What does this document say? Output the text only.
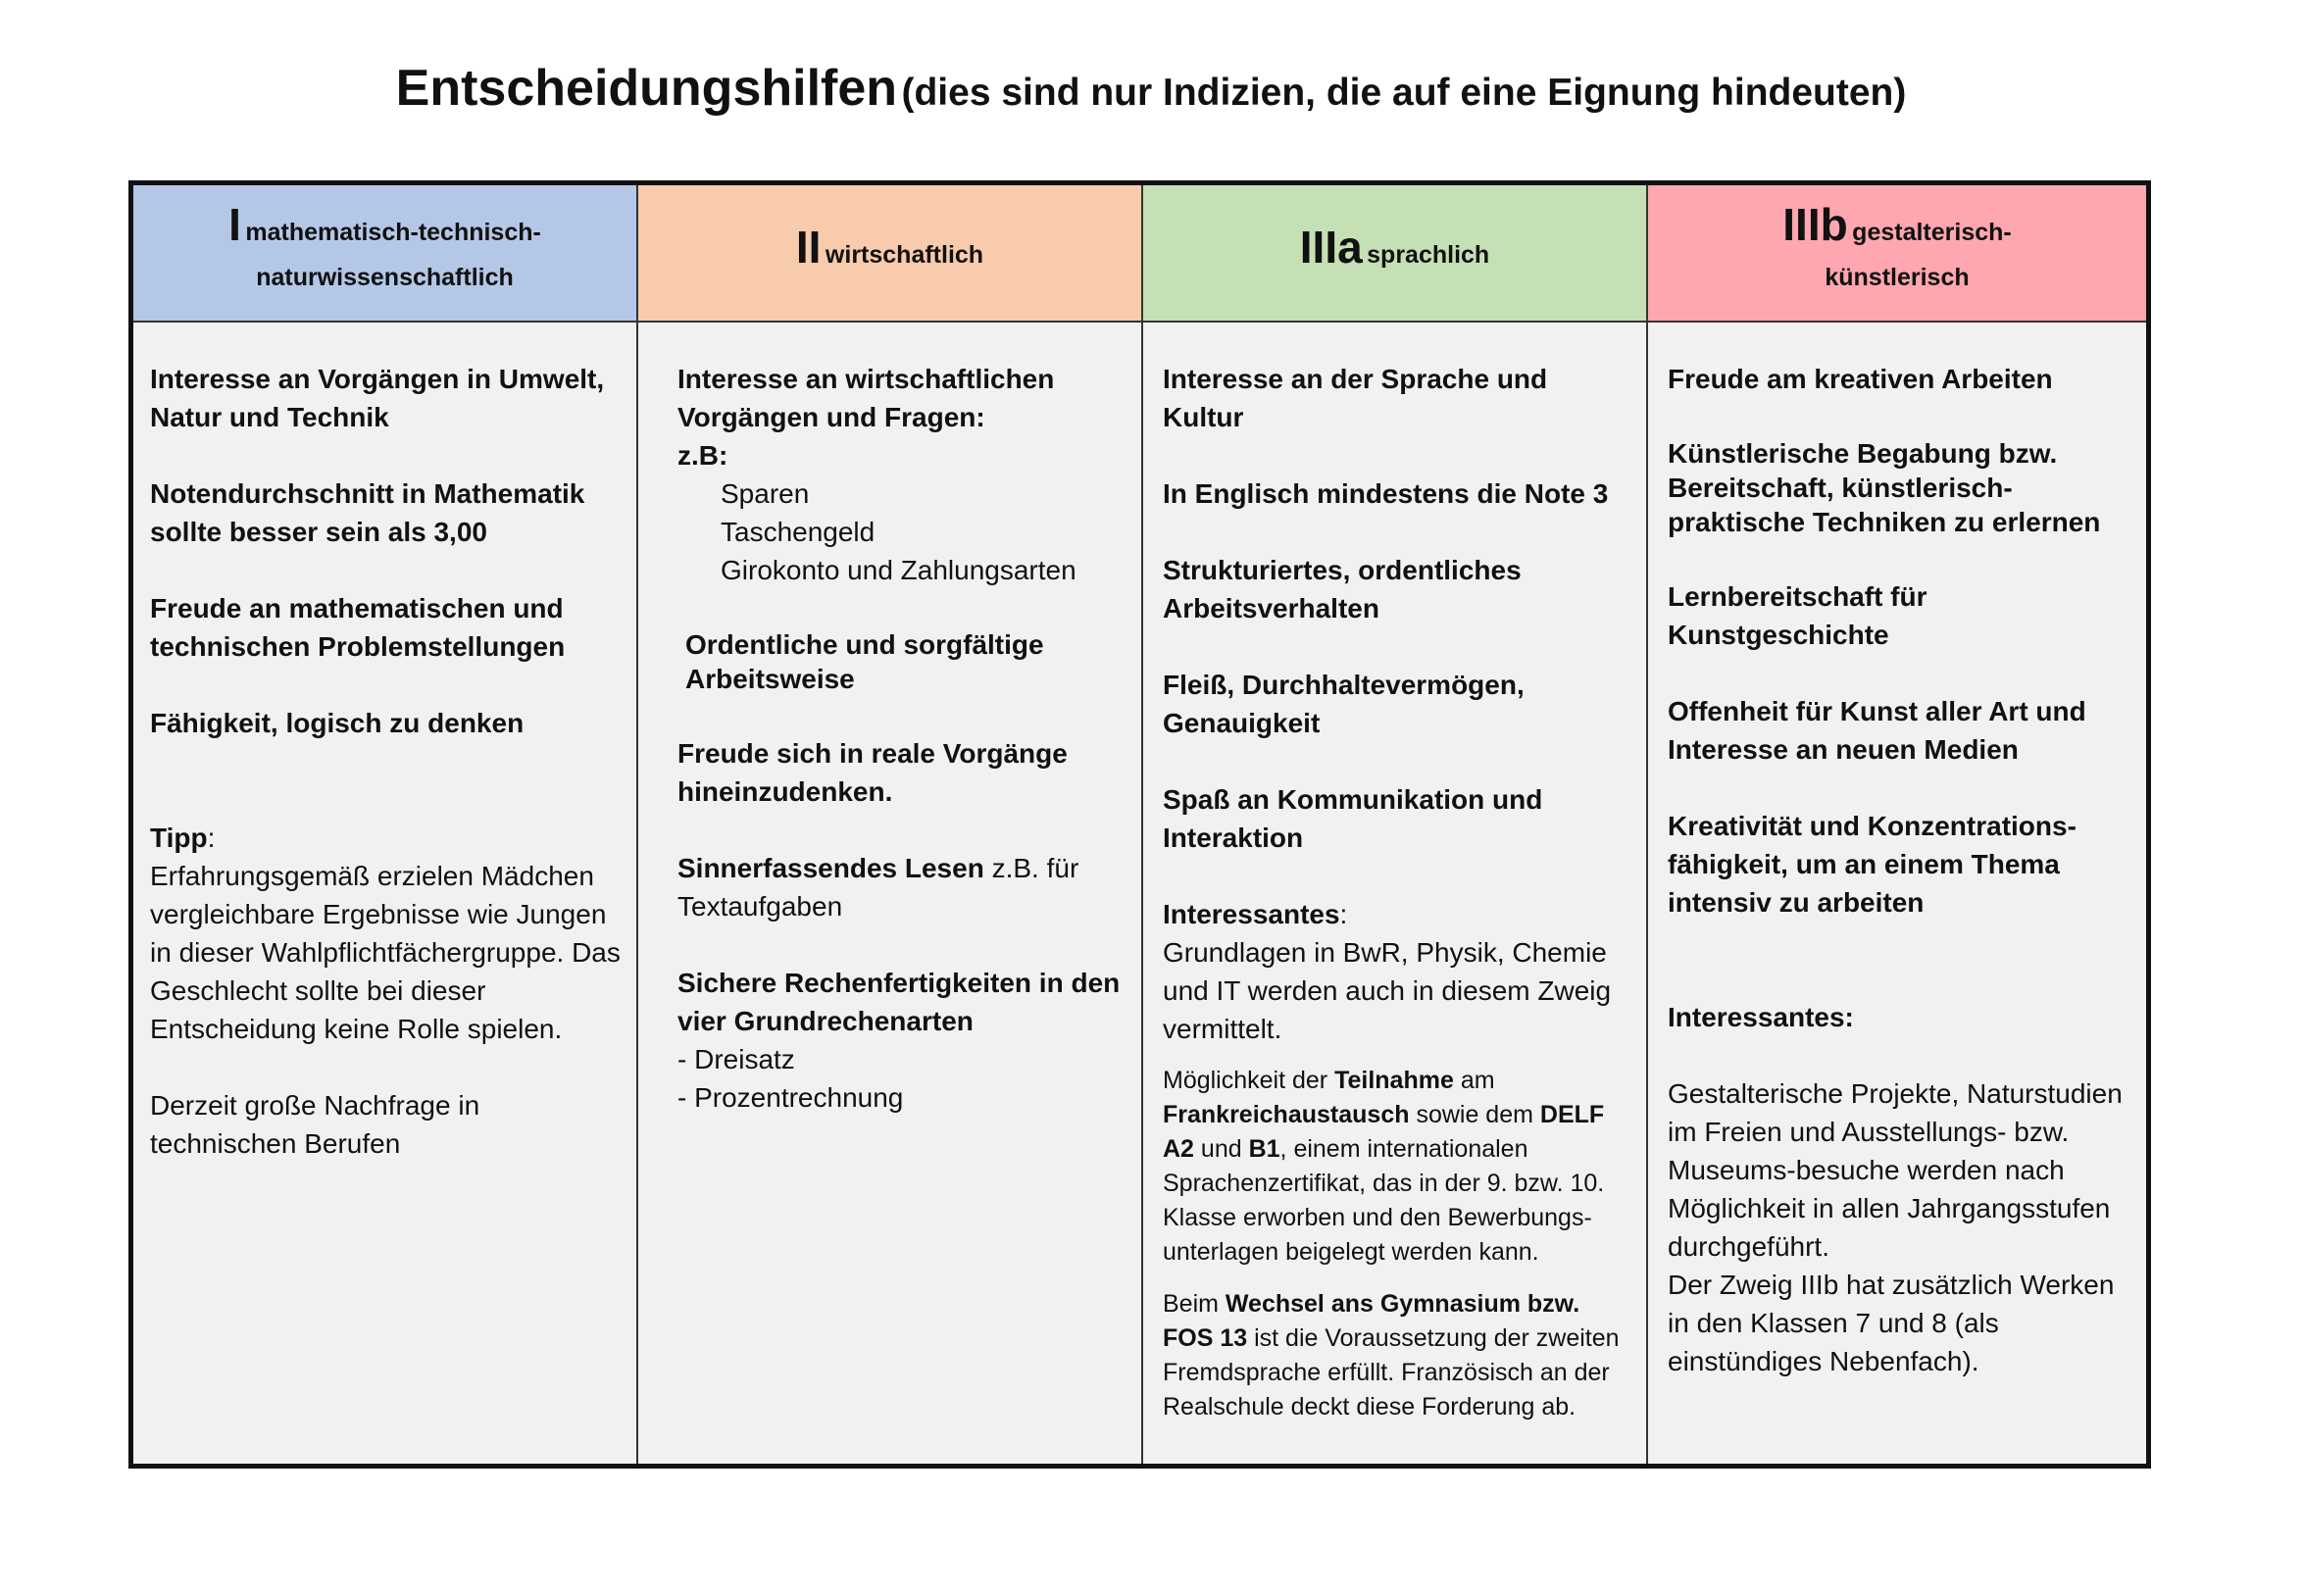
Entscheidungshilfen (dies sind nur Indizien, die auf eine Eignung hindeuten)
I mathematisch-technisch-
naturwissenschaftlich
Interesse an Vorgängen in Umwelt, Natur und Technik
Notendurchschnitt in Mathematik sollte besser sein als 3,00
Freude an mathematischen und technischen Problemstellungen
Fähigkeit, logisch zu denken
Tipp:
Erfahrungsgemäß erzielen Mädchen vergleichbare Ergebnisse wie Jungen in dieser Wahlpflichtfächergruppe. Das Geschlecht sollte bei dieser Entscheidung keine Rolle spielen.
Derzeit große Nachfrage in technischen Berufen
II wirtschaftlich
Interesse an wirtschaftlichen Vorgängen und Fragen:
z.B:
Sparen
Taschengeld
Girokonto und Zahlungsarten
Ordentliche und sorgfältige Arbeitsweise
Freude sich in reale Vorgänge hineinzudenken.
Sinnerfassendes Lesen z.B. für Textaufgaben
Sichere Rechenfertigkeiten in den vier Grundrechenarten
- Dreisatz
- Prozentrechnung
IIIa sprachlich
Interesse an der Sprache und Kultur
In Englisch mindestens die Note 3
Strukturiertes, ordentliches Arbeitsverhalten
Fleiß, Durchhaltevermögen, Genauigkeit
Spaß an Kommunikation und Interaktion
Interessantes:
Grundlagen in BwR, Physik, Chemie und IT werden auch in diesem Zweig vermittelt.
Möglichkeit der Teilnahme am Frankreichaustausch sowie dem DELF A2 und B1, einem internationalen Sprachenzertifikat, das in der 9. bzw. 10. Klasse erworben und den Bewerbungs-unterlagen beigelegt werden kann.
Beim Wechsel ans Gymnasium bzw. FOS 13 ist die Voraussetzung der zweiten Fremdsprache erfüllt. Französisch an der Realschule deckt diese Forderung ab.
IIIb gestalterisch-
künstlerisch
Freude am kreativen Arbeiten
Künstlerische Begabung bzw. Bereitschaft, künstlerisch-praktische Techniken zu erlernen
Lernbereitschaft für Kunstgeschichte
Offenheit für Kunst aller Art und Interesse an neuen Medien
Kreativität und Konzentrations-fähigkeit, um an einem Thema intensiv zu arbeiten
Interessantes:
Gestalterische Projekte, Naturstudien im Freien und Ausstellungs- bzw. Museums-besuche werden nach Möglichkeit in allen Jahrgangsstufen durchgeführt.
Der Zweig IIIb hat zusätzlich Werken in den Klassen 7 und 8 (als einstündiges Nebenfach).
